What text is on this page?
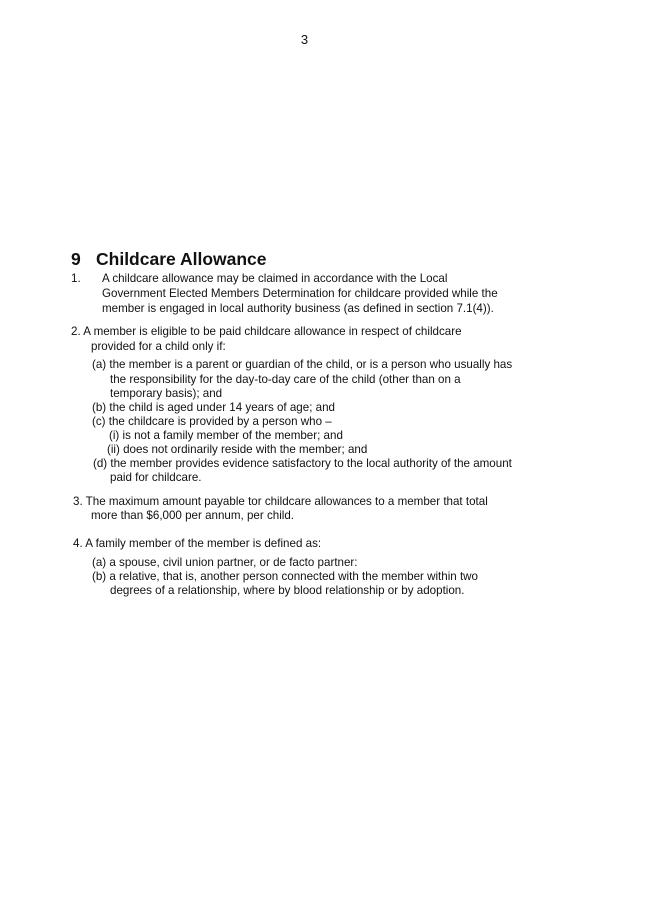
3
9 Childcare Allowance
1. A childcare allowance may be claimed in accordance with the Local
Government Elected Members Determination for childcare provided while the
member is engaged in local authority business (as defined in section 7.1(4)).
2. A member is eligible to be paid childcare allowance in respect of childcare
provided for a child only if:
(a) the member is a parent or guardian of the child, or is a person who usually has
the responsibility for the day-to-day care of the child (other than on a
temporary basis); and
(b) the child is aged under 14 years of age; and
(c) the childcare is provided by a person who –
(i) is not a family member of the member; and
(ii) does not ordinarily reside with the member; and
(d) the member provides evidence satisfactory to the local authority of the amount
paid for childcare.
3. The maximum amount payable tor childcare allowances to a member that total
more than $6,000 per annum, per child.
4. A family member of the member is defined as:
(a) a spouse, civil union partner, or de facto partner:
(b) a relative, that is, another person connected with the member within two
degrees of a relationship, where by blood relationship or by adoption.
